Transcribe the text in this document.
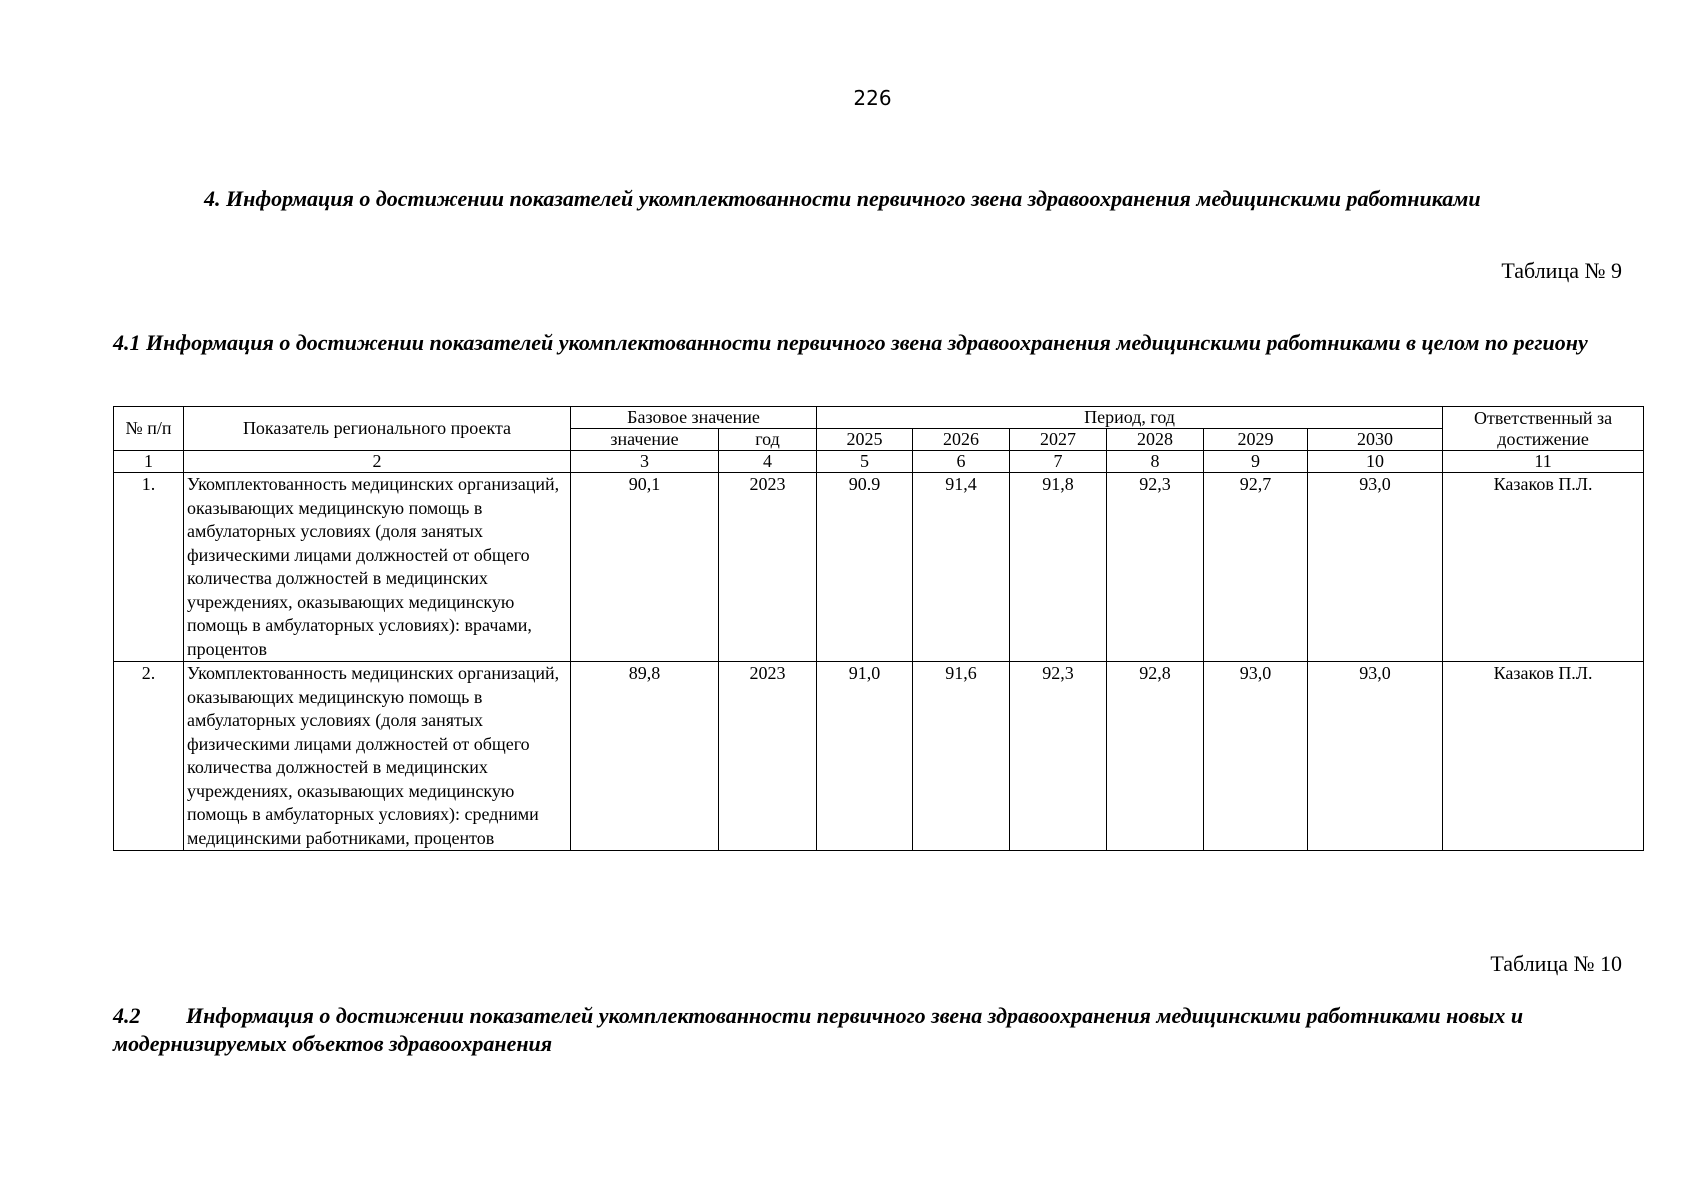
226
4. Информация о достижении показателей укомплектованности первичного звена здравоохранения медицинскими работниками
Таблица № 9
4.1 Информация о достижении показателей укомплектованности первичного звена здравоохранения медицинскими работниками в целом по региону
№ п/п	Показатель регионального проекта	Базовое значение		Период, год						Ответственный за достижение
		значение	год	2025	2026	2027	2028	2029	2030	
1	2	3	4	5	6	7	8	9	10	11
1.	Укомплектованность медицинских организаций, оказывающих медицинскую помощь в амбулаторных условиях (доля занятых физическими лицами должностей от общего количества должностей в медицинских учреждениях, оказывающих медицинскую помощь в амбулаторных условиях): врачами, процентов	90,1	2023	90.9	91,4	91,8	92,3	92,7	93,0	Казаков П.Л.
2.	Укомплектованность медицинских организаций, оказывающих медицинскую помощь в амбулаторных условиях (доля занятых физическими лицами должностей от общего количества должностей в медицинских учреждениях, оказывающих медицинскую помощь в амбулаторных условиях): средними медицинскими работниками, процентов	89,8	2023	91,0	91,6	92,3	92,8	93,0	93,0	Казаков П.Л.
Таблица № 10
4.2 Информация о достижении показателей укомплектованности первичного звена здравоохранения медицинскими работниками новых и модернизируемых объектов здравоохранения
